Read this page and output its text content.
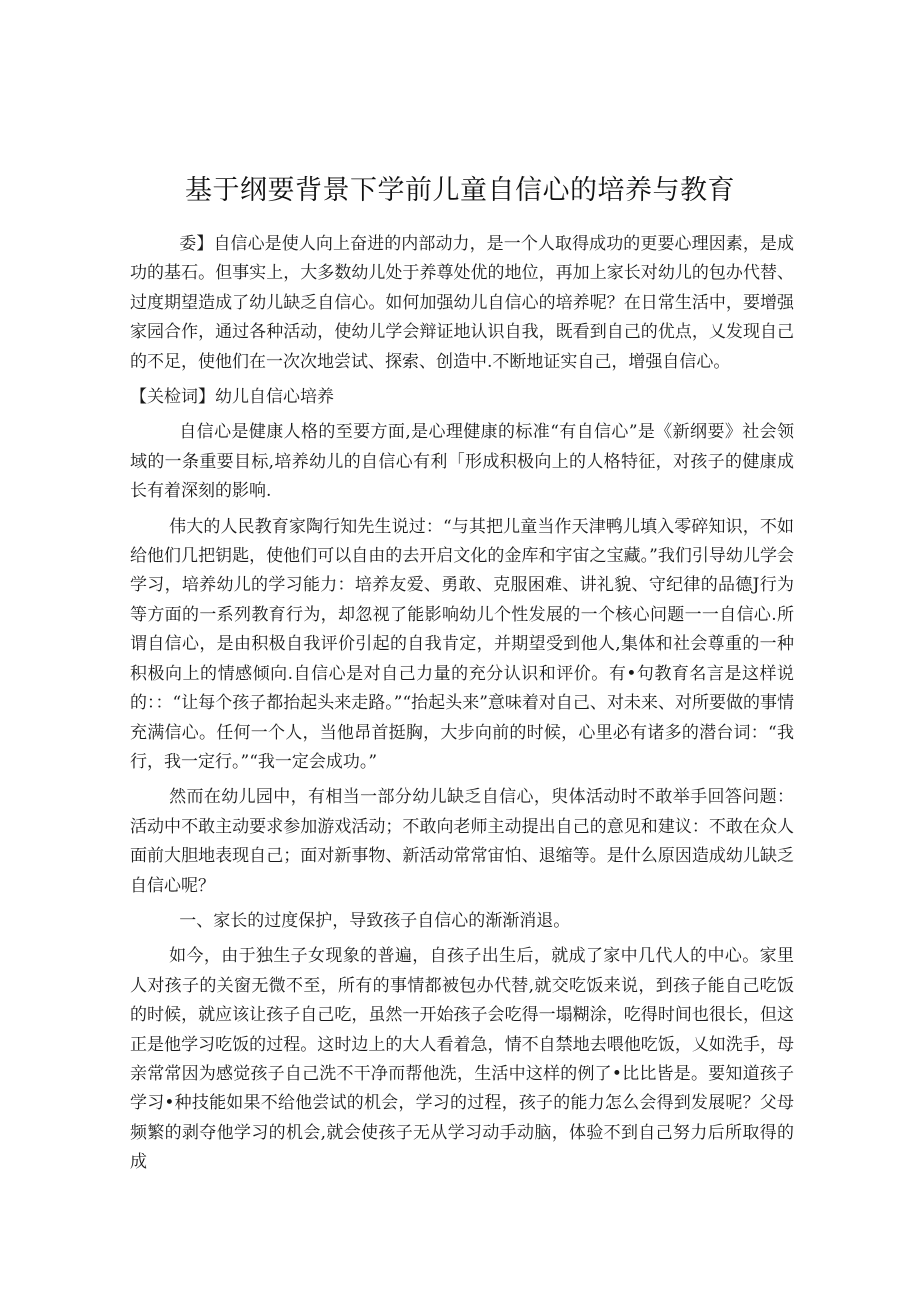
基于纲要背景下学前儿童自信心的培养与教育

委】自信心是使人向上奋进的内部动力，是一个人取得成功的更要心理因素，是成功的基石。但事实上，大多数幼儿处于养尊处优的地位，再加上家长对幼儿的包办代替、过度期望造成了幼儿缺乏自信心。如何加强幼儿自信心的培养呢？在日常生活中，要增强家园合作，通过各种活动，使幼儿学会辩证地认识自我，既看到自己的优点，乂发现自己的不足，使他们在一次次地尝试、探索、创造中.不断地证实自己，增强自信心。

【关检词】幼儿自信心培养

自信心是健康人格的至要方面,是心理健康的标准“有自信心”是《新纲要》社会领域的一条重要目标,培养幼儿的自信心有利「形成积极向上的人格特征，对孩子的健康成长有着深刻的影响.

伟大的人民教育家陶行知先生说过：“与其把儿童当作天津鸭儿填入零碎知识，不如给他们几把钥匙，使他们可以自由的去开启文化的金库和宇宙之宝藏。”我们引导幼儿学会学习，培养幼儿的学习能力：培养友爱、勇敢、克服困难、讲礼貌、守纪律的品德J行为等方面的一系列教育行为，却忽视了能影响幼儿个性发展的一个核心问题一一自信心.所谓自信心，是由积极自我评价引起的自我肯定，并期望受到他人,集体和社会尊重的一种积极向上的情感倾向.自信心是对自己力量的充分认识和评价。有•句教育名言是这样说的：：“让每个孩子都抬起头来走路。”“抬起头来”意味着对自己、对未来、对所要做的事情充满信心。任何一个人，当他昂首挺胸，大步向前的时候，心里必有诸多的潜台词：“我行，我一定行。”“我一定会成功。”

然而在幼儿园中，有相当一部分幼儿缺乏自信心，臾体活动时不敢举手回答问题：活动中不敢主动要求参加游戏活动；不敢向老师主动提出自己的意见和建议：不敢在众人面前大胆地表现自己；面对新事物、新活动常常宙怕、退缩等。是什么原因造成幼儿缺乏自信心呢？

一、家长的过度保护，导致孩子自信心的渐渐消退。

如今，由于独生子女现象的普遍，自孩子出生后，就成了家中几代人的中心。家里人对孩子的关窗无微不至，所有的事情都被包办代替,就交吃饭来说，到孩子能自己吃饭的时候，就应该让孩子自己吃，虽然一开始孩子会吃得一塌糊涂，吃得时间也很长，但这正是他学习吃饭的过程。这时边上的大人看着急，情不自禁地去喂他吃饭，乂如洗手，母亲常常因为感觉孩子自己洗不干净而帮他洗，生活中这样的例了•比比皆是。要知道孩子学习•种技能如果不给他尝试的机会，学习的过程，孩子的能力怎么会得到发展呢？父母频繁的剥夺他学习的机会,就会使孩子无从学习动手动脑，体验不到自己努力后所取得的成
